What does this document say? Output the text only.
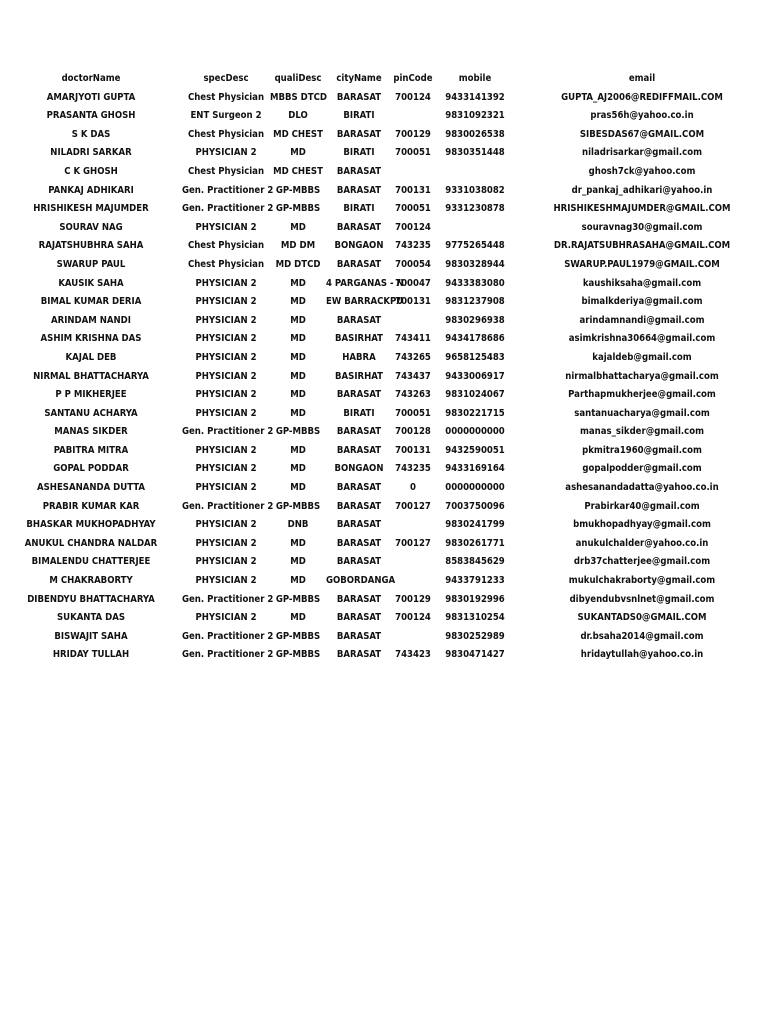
doctorName	specDesc	qualiDesc	cityName	pinCode	mobile	email
AMARJYOTI GUPTA	Chest Physician	MBBS DTCD	BARASAT	700124	9433141392	GUPTA_AJ2006@REDIFFMAIL.COM
PRASANTA GHOSH	ENT Surgeon 2	DLO	BIRATI		9831092321	pras56h@yahoo.co.in
S K DAS	Chest Physician	MD CHEST	BARASAT	700129	9830026538	SIBESDAS67@GMAIL.COM
NILADRI SARKAR	PHYSICIAN 2	MD	BIRATI	700051	9830351448	niladrisarkar@gmail.com
C K GHOSH	Chest Physician	MD CHEST	BARASAT			ghosh7ck@yahoo.com
PANKAJ ADHIKARI	Gen. Practitioner 2	GP-MBBS	BARASAT	700131	9331038082	dr_pankaj_adhikari@yahoo.in
HRISHIKESH MAJUMDER	Gen. Practitioner 2	GP-MBBS	BIRATI	700051	9331230878	HRISHIKESHMAJUMDER@GMAIL.COM
SOURAV NAG	PHYSICIAN 2	MD	BARASAT	700124		souravnag30@gmail.com
RAJATSHUBHRA SAHA	Chest Physician	MD DM	BONGAON	743235	9775265448	DR.RAJATSUBHRASAHA@GMAIL.COM
SWARUP PAUL	Chest Physician	MD DTCD	BARASAT	700054	9830328944	SWARUP.PAUL1979@GMAIL.COM
KAUSIK SAHA	PHYSICIAN 2	MD	4 PARGANAS - N	700047	9433383080	kaushiksaha@gmail.com
BIMAL KUMAR DERIA	PHYSICIAN 2	MD	EW BARRACKPU	700131	9831237908	bimalkderiya@gmail.com
ARINDAM NANDI	PHYSICIAN 2	MD	BARASAT		9830296938	arindamnandi@gmail.com
ASHIM KRISHNA DAS	PHYSICIAN 2	MD	BASIRHAT	743411	9434178686	asimkrishna30664@gmail.com
KAJAL DEB	PHYSICIAN 2	MD	HABRA	743265	9658125483	kajaldeb@gmail.com
NIRMAL BHATTACHARYA	PHYSICIAN 2	MD	BASIRHAT	743437	9433006917	nirmalbhattacharya@gmail.com
P P MIKHERJEE	PHYSICIAN 2	MD	BARASAT	743263	9831024067	Parthapmukherjee@gmail.com
SANTANU ACHARYA	PHYSICIAN 2	MD	BIRATI	700051	9830221715	santanuacharya@gmail.com
MANAS SIKDER	Gen. Practitioner 2	GP-MBBS	BARASAT	700128	0000000000	manas_sikder@gmail.com
PABITRA MITRA	PHYSICIAN 2	MD	BARASAT	700131	9432590051	pkmitra1960@gmail.com
GOPAL PODDAR	PHYSICIAN 2	MD	BONGAON	743235	9433169164	gopalpodder@gmail.com
ASHESANANDA DUTTA	PHYSICIAN 2	MD	BARASAT	0	0000000000	ashesanandadatta@yahoo.co.in
PRABIR KUMAR KAR	Gen. Practitioner 2	GP-MBBS	BARASAT	700127	7003750096	Prabirkar40@gmail.com
BHASKAR MUKHOPADHYAY	PHYSICIAN 2	DNB	BARASAT		9830241799	bmukhopadhyay@gmail.com
ANUKUL CHANDRA NALDAR	PHYSICIAN 2	MD	BARASAT	700127	9830261771	anukulchalder@yahoo.co.in
BIMALENDU CHATTERJEE	PHYSICIAN 2	MD	BARASAT		8583845629	drb37chatterjee@gmail.com
M CHAKRABORTY	PHYSICIAN 2	MD	GOBORDANGA		9433791233	mukulchakraborty@gmail.com
DIBENDYU BHATTACHARYA	Gen. Practitioner 2	GP-MBBS	BARASAT	700129	9830192996	dibyendubvsnlnet@gmail.com
SUKANTA DAS	PHYSICIAN 2	MD	BARASAT	700124	9831310254	SUKANTADS0@GMAIL.COM
BISWAJIT SAHA	Gen. Practitioner 2	GP-MBBS	BARASAT		9830252989	dr.bsaha2014@gmail.com
HRIDAY TULLAH	Gen. Practitioner 2	GP-MBBS	BARASAT	743423	9830471427	hridaytullah@yahoo.co.in
